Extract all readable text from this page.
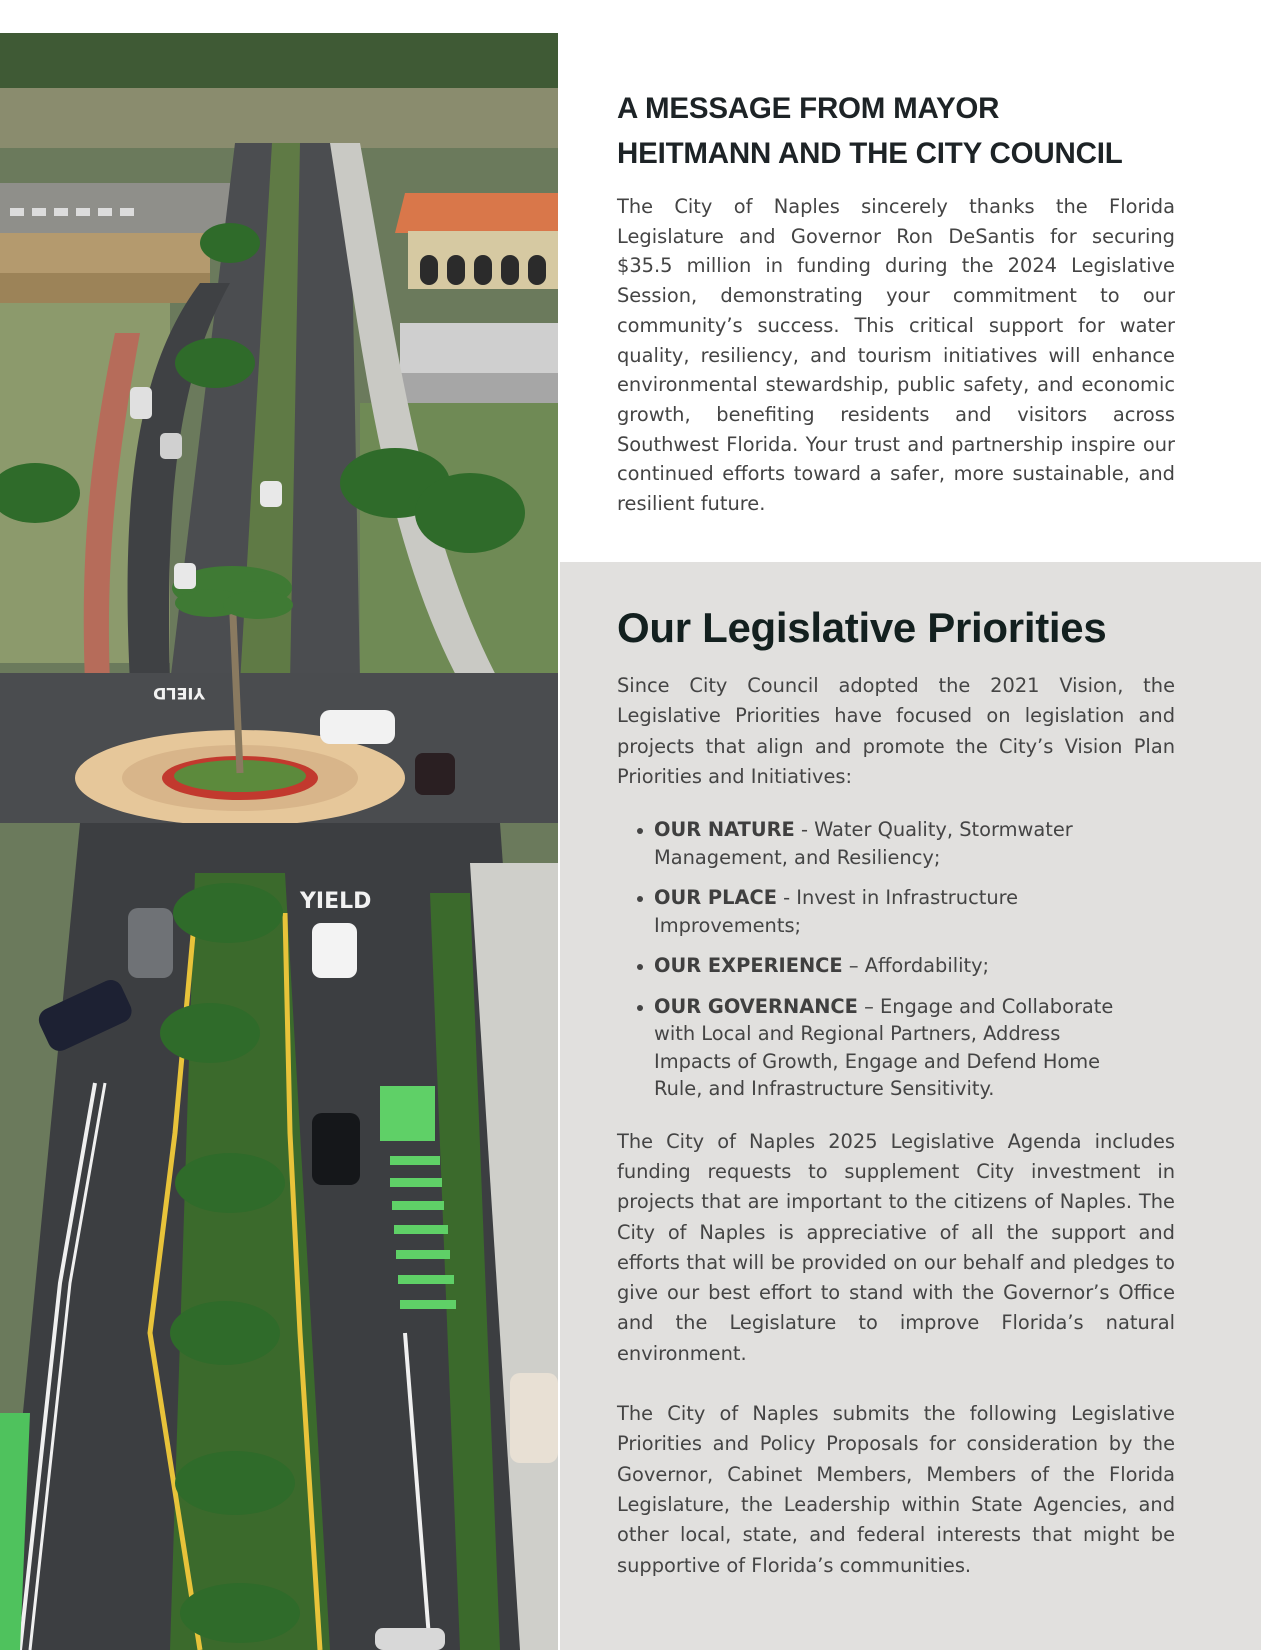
YIELD
YIELD
A MESSAGE FROM MAYOR
HEITMANN AND THE CITY COUNCIL

The City of Naples sincerely thanks the Florida Legislature and Governor Ron DeSantis for securing $35.5 million in funding during the 2024 Legislative Session, demonstrating your commitment to our community’s success. This critical support for water quality, resiliency, and tourism initiatives will enhance environmental stewardship, public safety, and economic growth, benefiting residents and visitors across Southwest Florida. Your trust and partnership inspire our continued efforts toward a safer, more sustainable, and resilient future.

Our Legislative Priorities

Since City Council adopted the 2021 Vision, the Legislative Priorities have focused on legislation and projects that align and promote the City’s Vision Plan Priorities and Initiatives:

OUR NATURE - Water Quality, Stormwater Management, and Resiliency;
OUR PLACE - Invest in Infrastructure Improvements;
OUR EXPERIENCE – Affordability;
OUR GOVERNANCE – Engage and Collaborate with Local and Regional Partners, Address Impacts of Growth, Engage and Defend Home Rule, and Infrastructure Sensitivity.

The City of Naples 2025 Legislative Agenda includes funding requests to supplement City investment in projects that are important to the citizens of Naples. The City of Naples is appreciative of all the support and efforts that will be provided on our behalf and pledges to give our best effort to stand with the Governor’s Office and the Legislature to improve Florida’s natural environment.

The City of Naples submits the following Legislative Priorities and Policy Proposals for consideration by the Governor, Cabinet Members, Members of the Florida Legislature, the Leadership within State Agencies, and other local, state, and federal interests that might be supportive of Florida’s communities.
